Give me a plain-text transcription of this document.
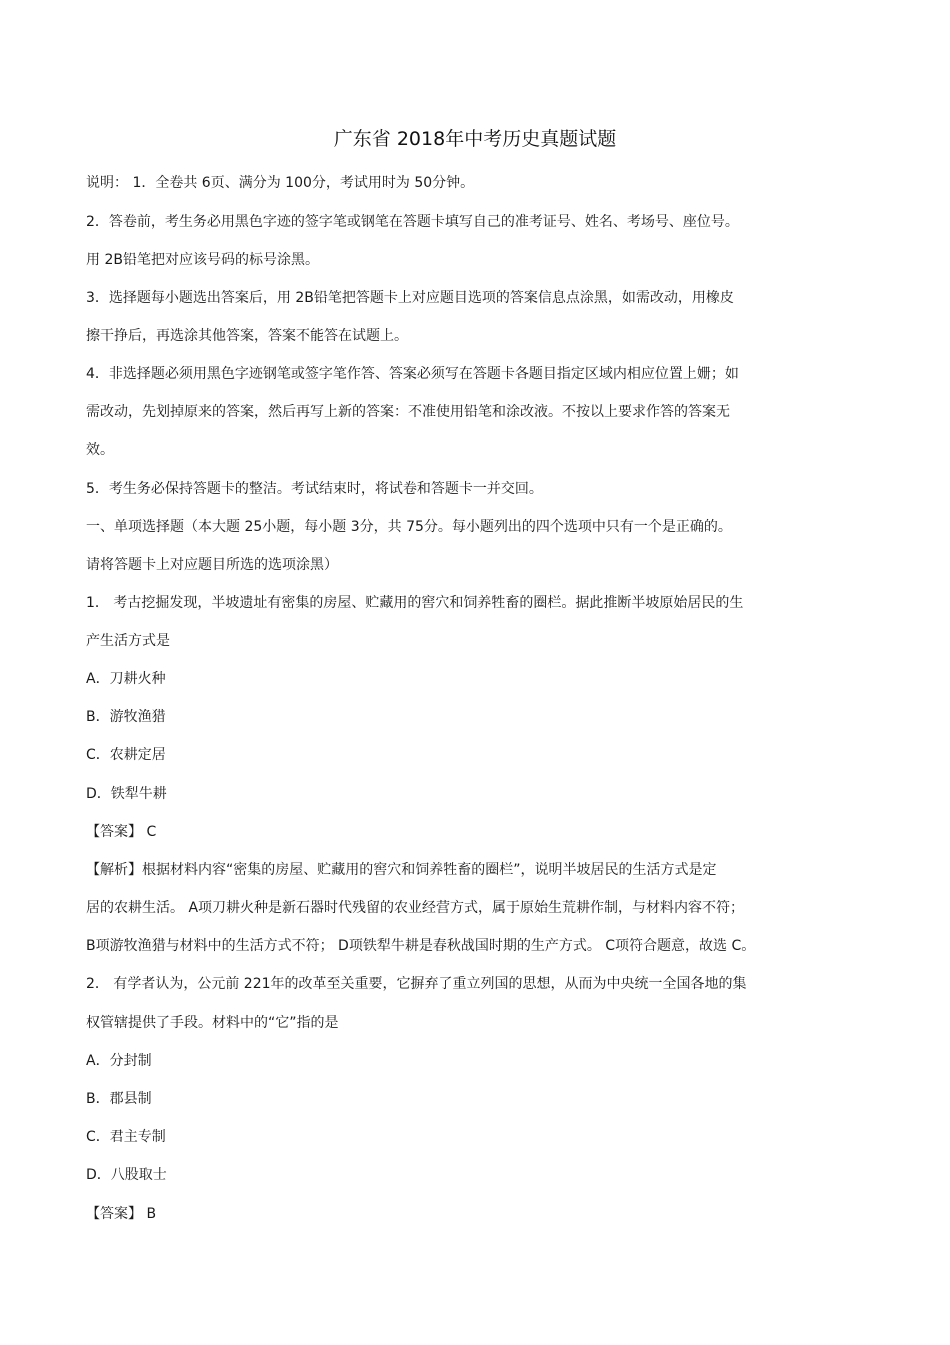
广东省 2018年中考历史真题试题
说明： 1．全卷共 6页、满分为 100分，考试用时为 50分钟。
2．答卷前，考生务必用黑色字迹的签字笔或钢笔在答题卡填写自己的准考证号、姓名、考场号、座位号。
用 2B铅笔把对应该号码的标号涂黑。
3．选择题每小题选出答案后，用 2B铅笔把答题卡上对应题目选项的答案信息点涂黑，如需改动，用橡皮
擦干挣后，再选涂其他答案，答案不能答在试题上。
4．非选择题必须用黑色字迹钢笔或签字笔作答、答案必须写在答题卡各题目指定区域内相应位置上姗；如
需改动，先划掉原来的答案，然后再写上新的答案：不准使用铅笔和涂改液。不按以上要求作答的答案无
效。
5．考生务必保持答题卡的整洁。考试结束时，将试卷和答题卡一并交回。
一、单项选择题（本大题 25小题，每小题 3分，共 75分。每小题列出的四个选项中只有一个是正确的。
请将答题卡上对应题目所选的选项涂黑）
1． 考古挖掘发现，半坡遗址有密集的房屋、贮藏用的窖穴和饲养牲畜的圈栏。据此推断半坡原始居民的生
产生活方式是
A．刀耕火种
B．游牧渔猎
C．农耕定居
D．铁犁牛耕
【答案】 C
【解析】根据材料内容“密集的房屋、贮藏用的窖穴和饲养牲畜的圈栏”，说明半坡居民的生活方式是定
居的农耕生活。 A项刀耕火种是新石器时代残留的农业经营方式，属于原始生荒耕作制，与材料内容不符；
B项游牧渔猎与材料中的生活方式不符； D项铁犁牛耕是春秋战国时期的生产方式。 C项符合题意，故选 C。
2． 有学者认为，公元前 221年的改革至关重要，它摒弃了重立列国的思想，从而为中央统一全国各地的集
权管辖提供了手段。材料中的“它”指的是
A．分封制
B．郡县制
C．君主专制
D．八股取士
【答案】 B
